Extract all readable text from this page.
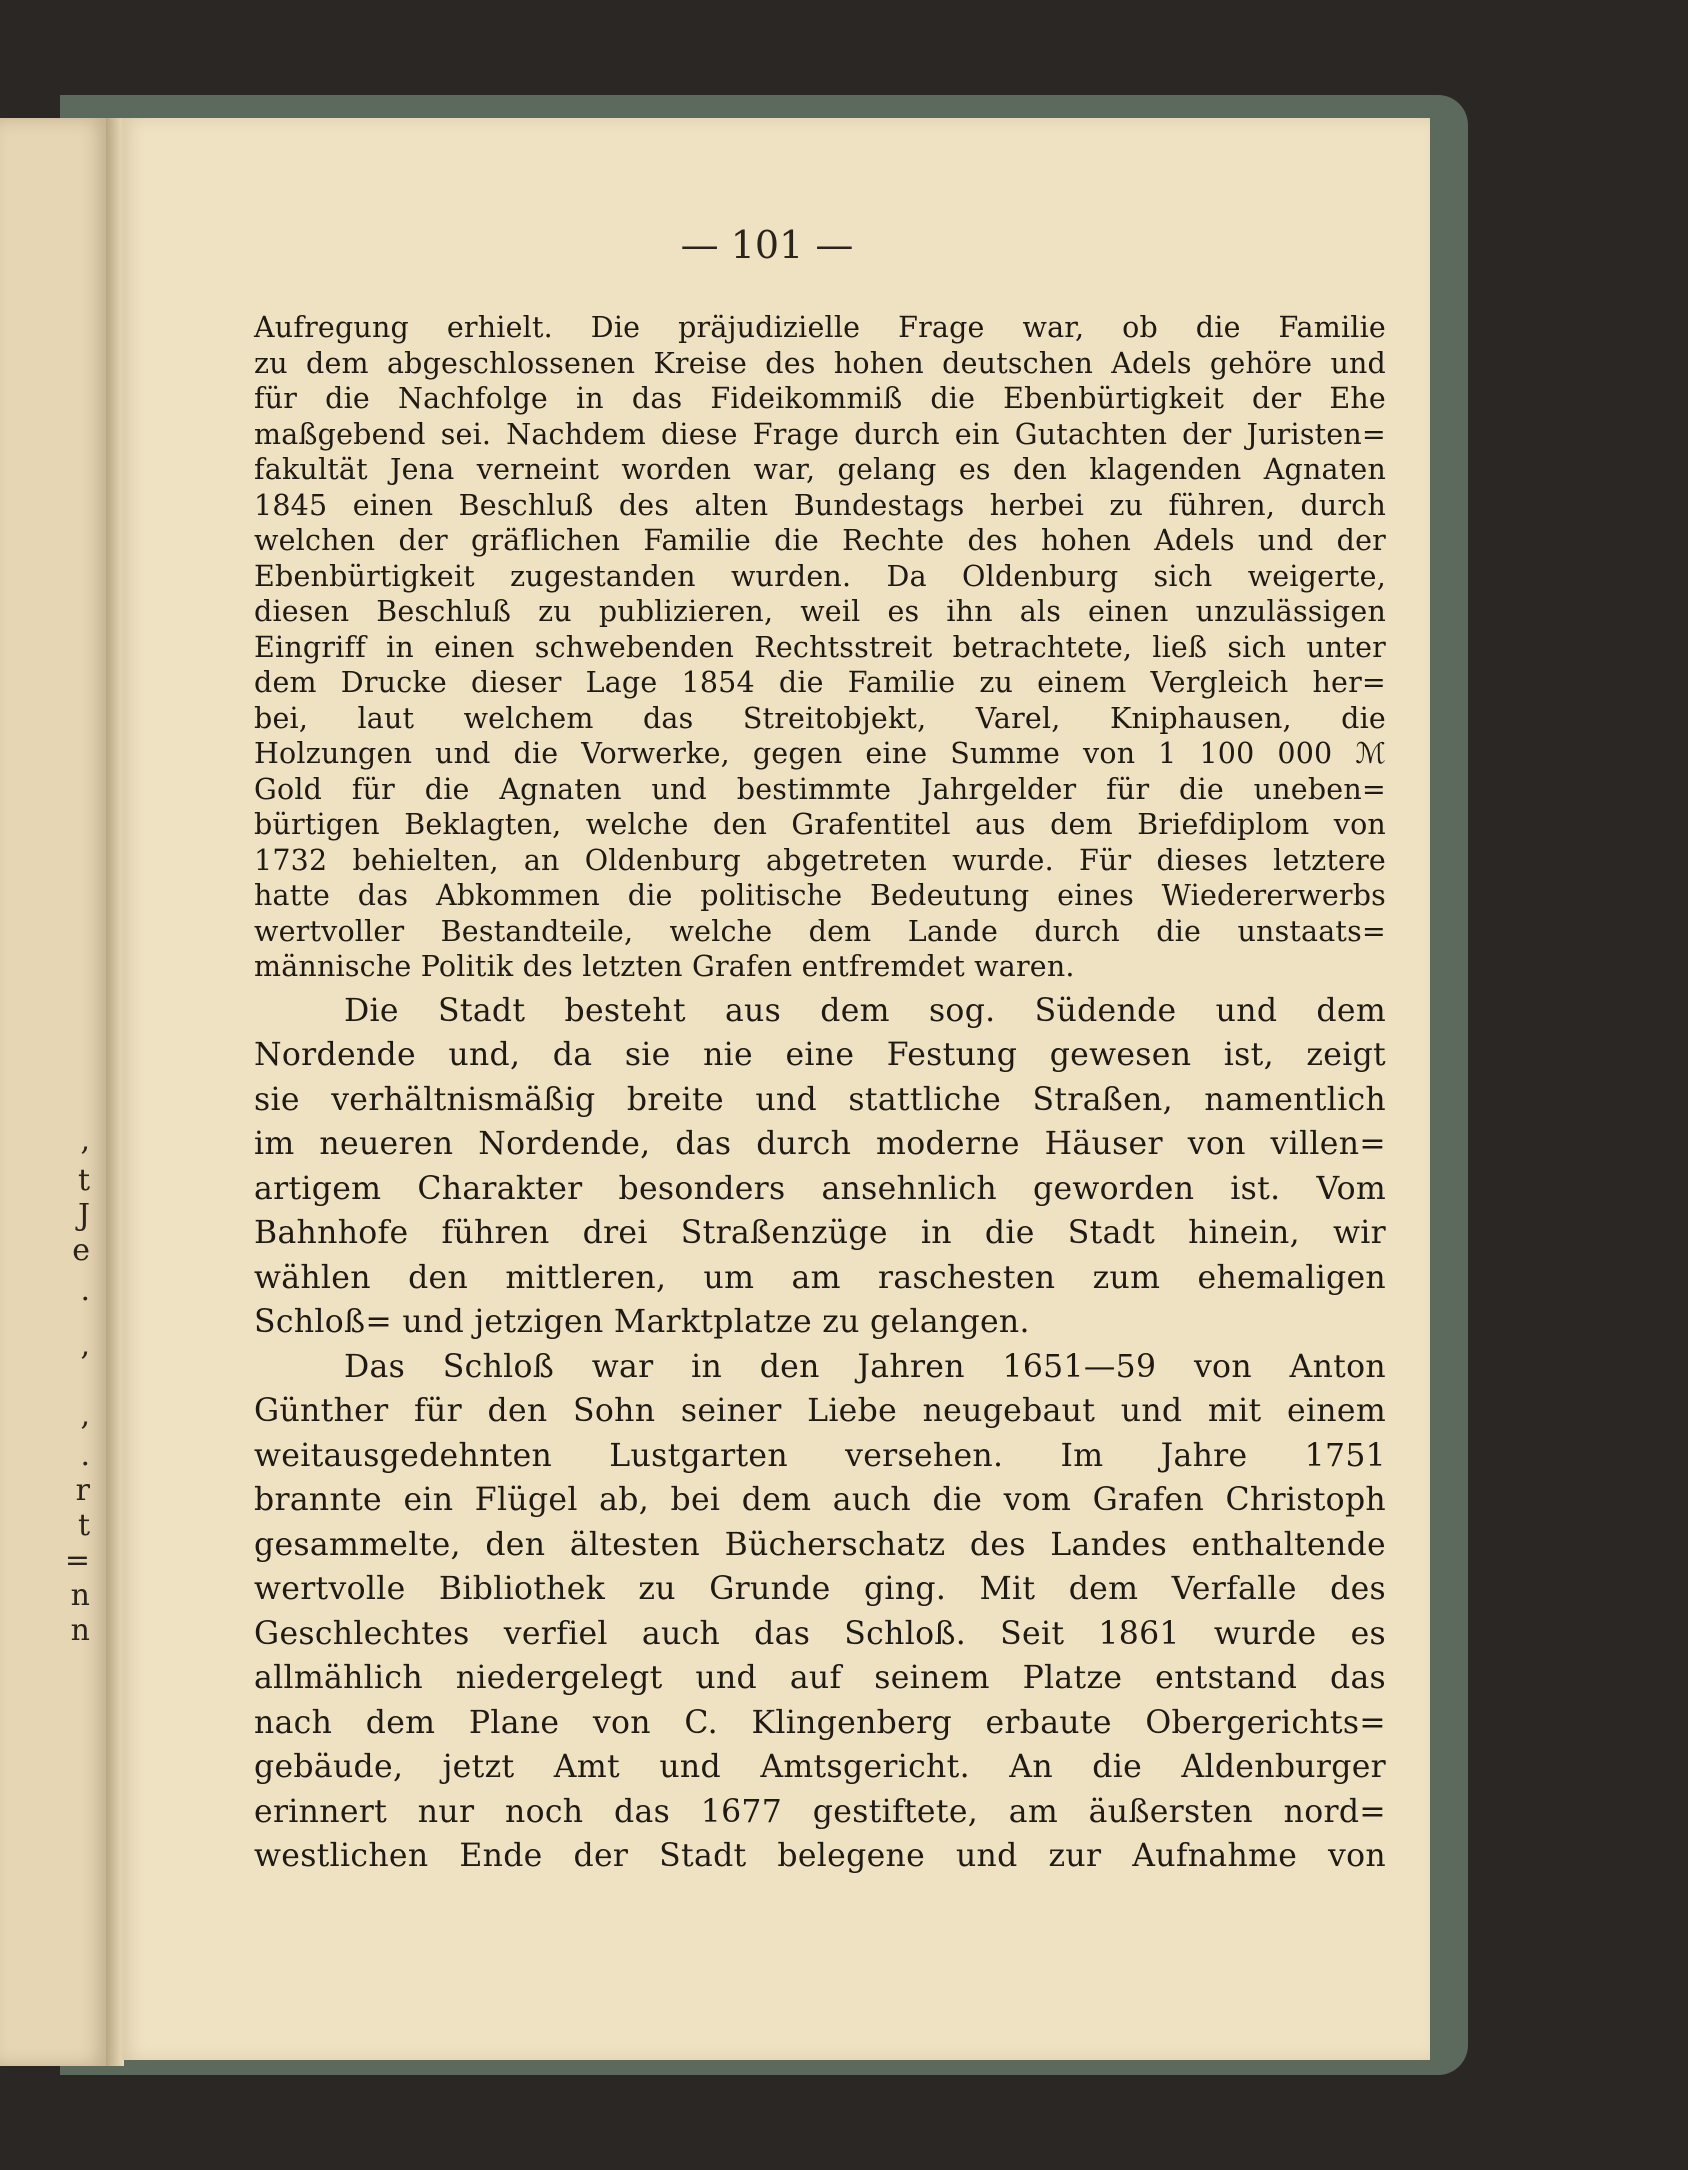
,
t
J
e
.
,
,
.
r
t
=
n
n
— 101 —
Aufregung erhielt. Die präjudizielle Frage war, ob die Familie
zu dem abgeschlossenen Kreise des hohen deutschen Adels gehöre und
für die Nachfolge in das Fideikommiß die Ebenbürtigkeit der Ehe
maßgebend sei. Nachdem diese Frage durch ein Gutachten der Juristen=
fakultät Jena verneint worden war, gelang es den klagenden Agnaten
1845 einen Beschluß des alten Bundestags herbei zu führen, durch
welchen der gräflichen Familie die Rechte des hohen Adels und der
Ebenbürtigkeit zugestanden wurden. Da Oldenburg sich weigerte,
diesen Beschluß zu publizieren, weil es ihn als einen unzulässigen
Eingriff in einen schwebenden Rechtsstreit betrachtete, ließ sich unter
dem Drucke dieser Lage 1854 die Familie zu einem Vergleich her=
bei, laut welchem das Streitobjekt, Varel, Kniphausen, die
Holzungen und die Vorwerke, gegen eine Summe von 1 100 000 ℳ
Gold für die Agnaten und bestimmte Jahrgelder für die uneben=
bürtigen Beklagten, welche den Grafentitel aus dem Briefdiplom von
1732 behielten, an Oldenburg abgetreten wurde. Für dieses letztere
hatte das Abkommen die politische Bedeutung eines Wiedererwerbs
wertvoller Bestandteile, welche dem Lande durch die unstaats=
männische Politik des letzten Grafen entfremdet waren.
Die Stadt besteht aus dem sog. Südende und dem
Nordende und, da sie nie eine Festung gewesen ist, zeigt
sie verhältnismäßig breite und stattliche Straßen, namentlich
im neueren Nordende, das durch moderne Häuser von villen=
artigem Charakter besonders ansehnlich geworden ist. Vom
Bahnhofe führen drei Straßenzüge in die Stadt hinein, wir
wählen den mittleren, um am raschesten zum ehemaligen
Schloß= und jetzigen Marktplatze zu gelangen.
Das Schloß war in den Jahren 1651—59 von Anton
Günther für den Sohn seiner Liebe neugebaut und mit einem
weitausgedehnten Lustgarten versehen. Im Jahre 1751
brannte ein Flügel ab, bei dem auch die vom Grafen Christoph
gesammelte, den ältesten Bücherschatz des Landes enthaltende
wertvolle Bibliothek zu Grunde ging. Mit dem Verfalle des
Geschlechtes verfiel auch das Schloß. Seit 1861 wurde es
allmählich niedergelegt und auf seinem Platze entstand das
nach dem Plane von C. Klingenberg erbaute Obergerichts=
gebäude, jetzt Amt und Amtsgericht. An die Aldenburger
erinnert nur noch das 1677 gestiftete, am äußersten nord=
westlichen Ende der Stadt belegene und zur Aufnahme von
